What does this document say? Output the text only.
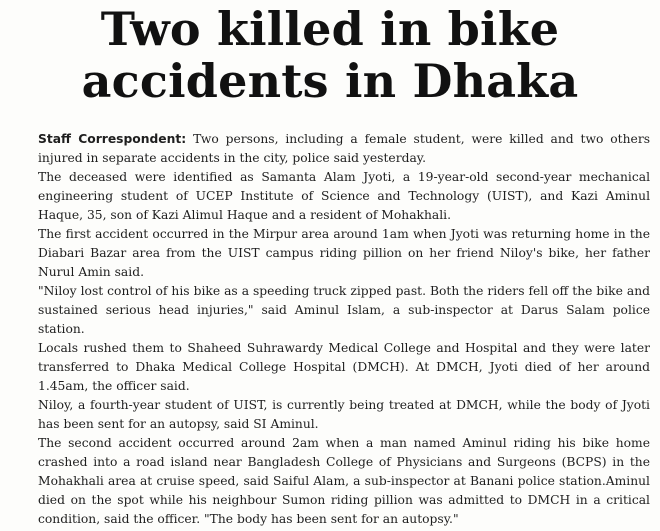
Two killed in bike
accidents in Dhaka

Staff Correspondent: Two persons, including a female student, were killed and two others injured in separate accidents in the city, police said yesterday.

The deceased were identified as Samanta Alam Jyoti, a 19-year-old second-year mechanical engineering student of UCEP Institute of Science and Technology (UIST), and Kazi Aminul Haque, 35, son of Kazi Alimul Haque and a resident of Mohakhali.

The first accident occurred in the Mirpur area around 1am when Jyoti was returning home in the Diabari Bazar area from the UIST campus riding pillion on her friend Niloy's bike, her father Nurul Amin said.

"Niloy lost control of his bike as a speeding truck zipped past. Both the riders fell off the bike and sustained serious head injuries," said Aminul Islam, a sub-inspector at Darus Salam police station.

Locals rushed them to Shaheed Suhrawardy Medical College and Hospital and they were later transferred to Dhaka Medical College Hospital (DMCH). At DMCH, Jyoti died of her around 1.45am, the officer said.

Niloy, a fourth-year student of UIST, is currently being treated at DMCH, while the body of Jyoti has been sent for an autopsy, said SI Aminul.

The second accident occurred around 2am when a man named Aminul riding his bike home crashed into a road island near Bangladesh College of Physicians and Surgeons (BCPS) in the Mohakhali area at cruise speed, said Saiful Alam, a sub-inspector at Banani police station.Aminul died on the spot while his neighbour Sumon riding pillion was admitted to DMCH in a critical condition, said the officer. "The body has been sent for an autopsy."
